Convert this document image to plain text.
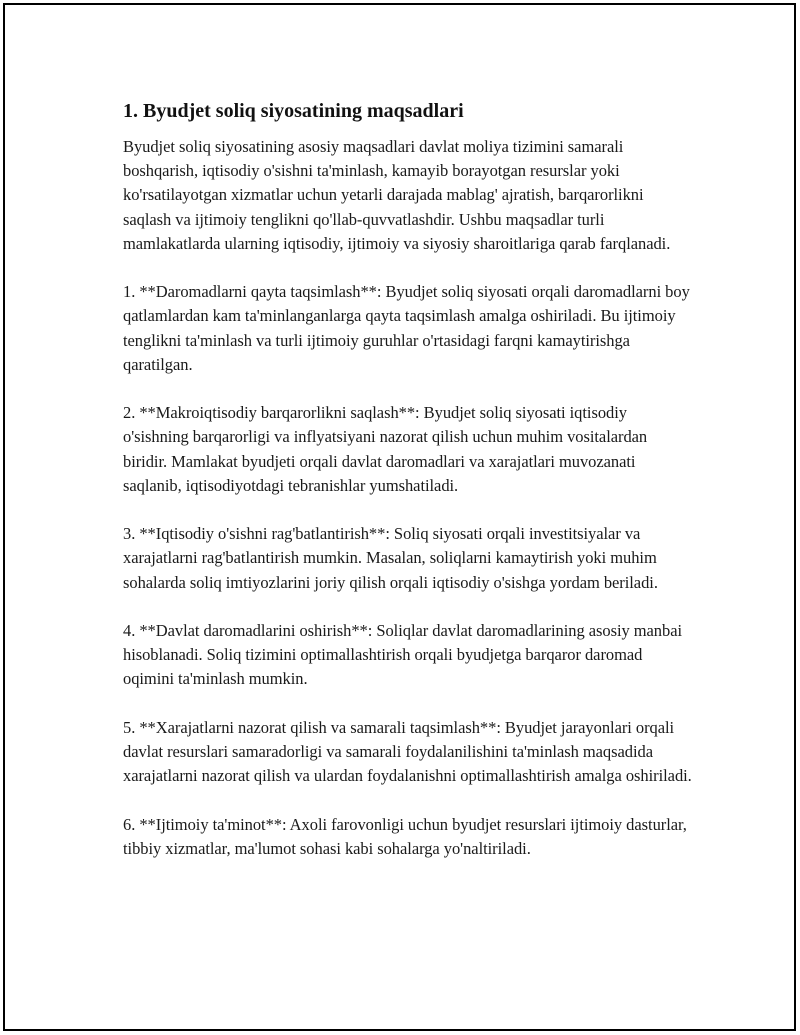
1. Byudjet soliq siyosatining maqsadlari

Byudjet soliq siyosatining asosiy maqsadlari davlat moliya tizimini samarali boshqarish, iqtisodiy o'sishni ta'minlash, kamayib borayotgan resurslar yoki ko'rsatilayotgan xizmatlar uchun yetarli darajada mablag' ajratish, barqarorlikni saqlash va ijtimoiy tenglikni qo'llab-quvvatlashdir. Ushbu maqsadlar turli mamlakatlarda ularning iqtisodiy, ijtimoiy va siyosiy sharoitlariga qarab farqlanadi.

1. **Daromadlarni qayta taqsimlash**: Byudjet soliq siyosati orqali daromadlarni boy qatlamlardan kam ta'minlanganlarga qayta taqsimlash amalga oshiriladi. Bu ijtimoiy tenglikni ta'minlash va turli ijtimoiy guruhlar o'rtasidagi farqni kamaytirishga qaratilgan.

2. **Makroiqtisodiy barqarorlikni saqlash**: Byudjet soliq siyosati iqtisodiy o'sishning barqarorligi va inflyatsiyani nazorat qilish uchun muhim vositalardan biridir. Mamlakat byudjeti orqali davlat daromadlari va xarajatlari muvozanati saqlanib, iqtisodiyotdagi tebranishlar yumshatiladi.

3. **Iqtisodiy o'sishni rag'batlantirish**: Soliq siyosati orqali investitsiyalar va xarajatlarni rag'batlantirish mumkin. Masalan, soliqlarni kamaytirish yoki muhim sohalarda soliq imtiyozlarini joriy qilish orqali iqtisodiy o'sishga yordam beriladi.

4. **Davlat daromadlarini oshirish**: Soliqlar davlat daromadlarining asosiy manbai hisoblanadi. Soliq tizimini optimallashtirish orqali byudjetga barqaror daromad oqimini ta'minlash mumkin.

5. **Xarajatlarni nazorat qilish va samarali taqsimlash**: Byudjet jarayonlari orqali davlat resurslari samaradorligi va samarali foydalanilishini ta'minlash maqsadida xarajatlarni nazorat qilish va ulardan foydalanishni optimallashtirish amalga oshiriladi.

6. **Ijtimoiy ta'minot**: Axoli farovonligi uchun byudjet resurslari ijtimoiy dasturlar, tibbiy xizmatlar, ma'lumot sohasi kabi sohalarga yo'naltiriladi.
